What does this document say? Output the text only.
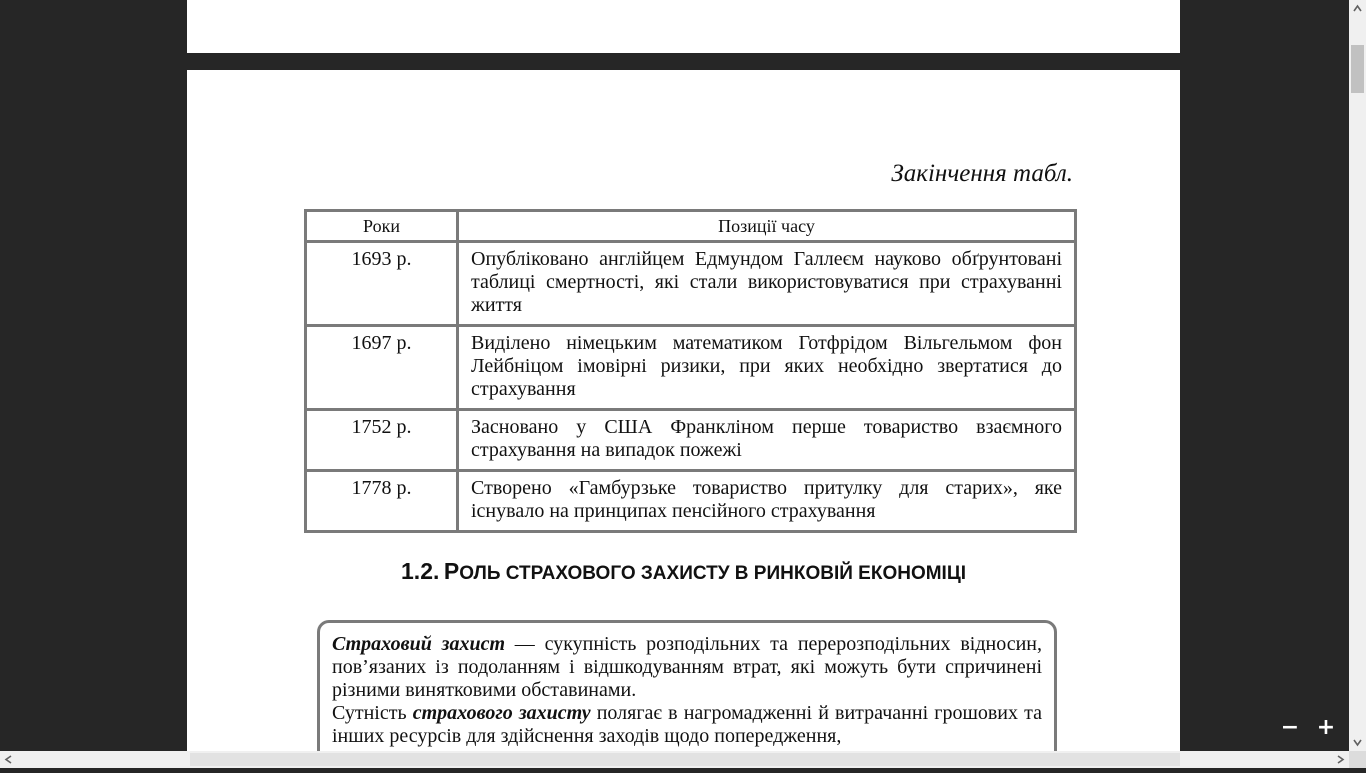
Закінчення табл.
Роки	Позиції часу
1693 р.	Опубліковано англійцем Едмундом Галлеєм науково обґрунтовані таблиці смертності, які стали використовуватися при страхуванні життя
1697 р.	Виділено німецьким математиком Готфрідом Вільгельмом фон Лейбніцом імовірні ризики, при яких необхідно звертатися до страхування
1752 р.	Засновано у США Франкліном перше товариство взаємного страхування на випадок пожежі
1778 р.	Створено «Гамбурзьке товариство притулку для старих», яке існувало на принципах пенсійного страхування
1.2. РОЛЬ СТРАХОВОГО ЗАХИСТУ В РИНКОВІЙ ЕКОНОМІЦІ

Страховий захист — сукупність розподільних та перерозподільних відносин, пов’язаних із подоланням і відшкодуванням втрат, які можуть бути спричинені різними винятковими обставинами.

Сутність страхового захисту полягає в нагромадженні й витрачанні грошових та інших ресурсів для здійснення заходів щодо попередження,	− +
